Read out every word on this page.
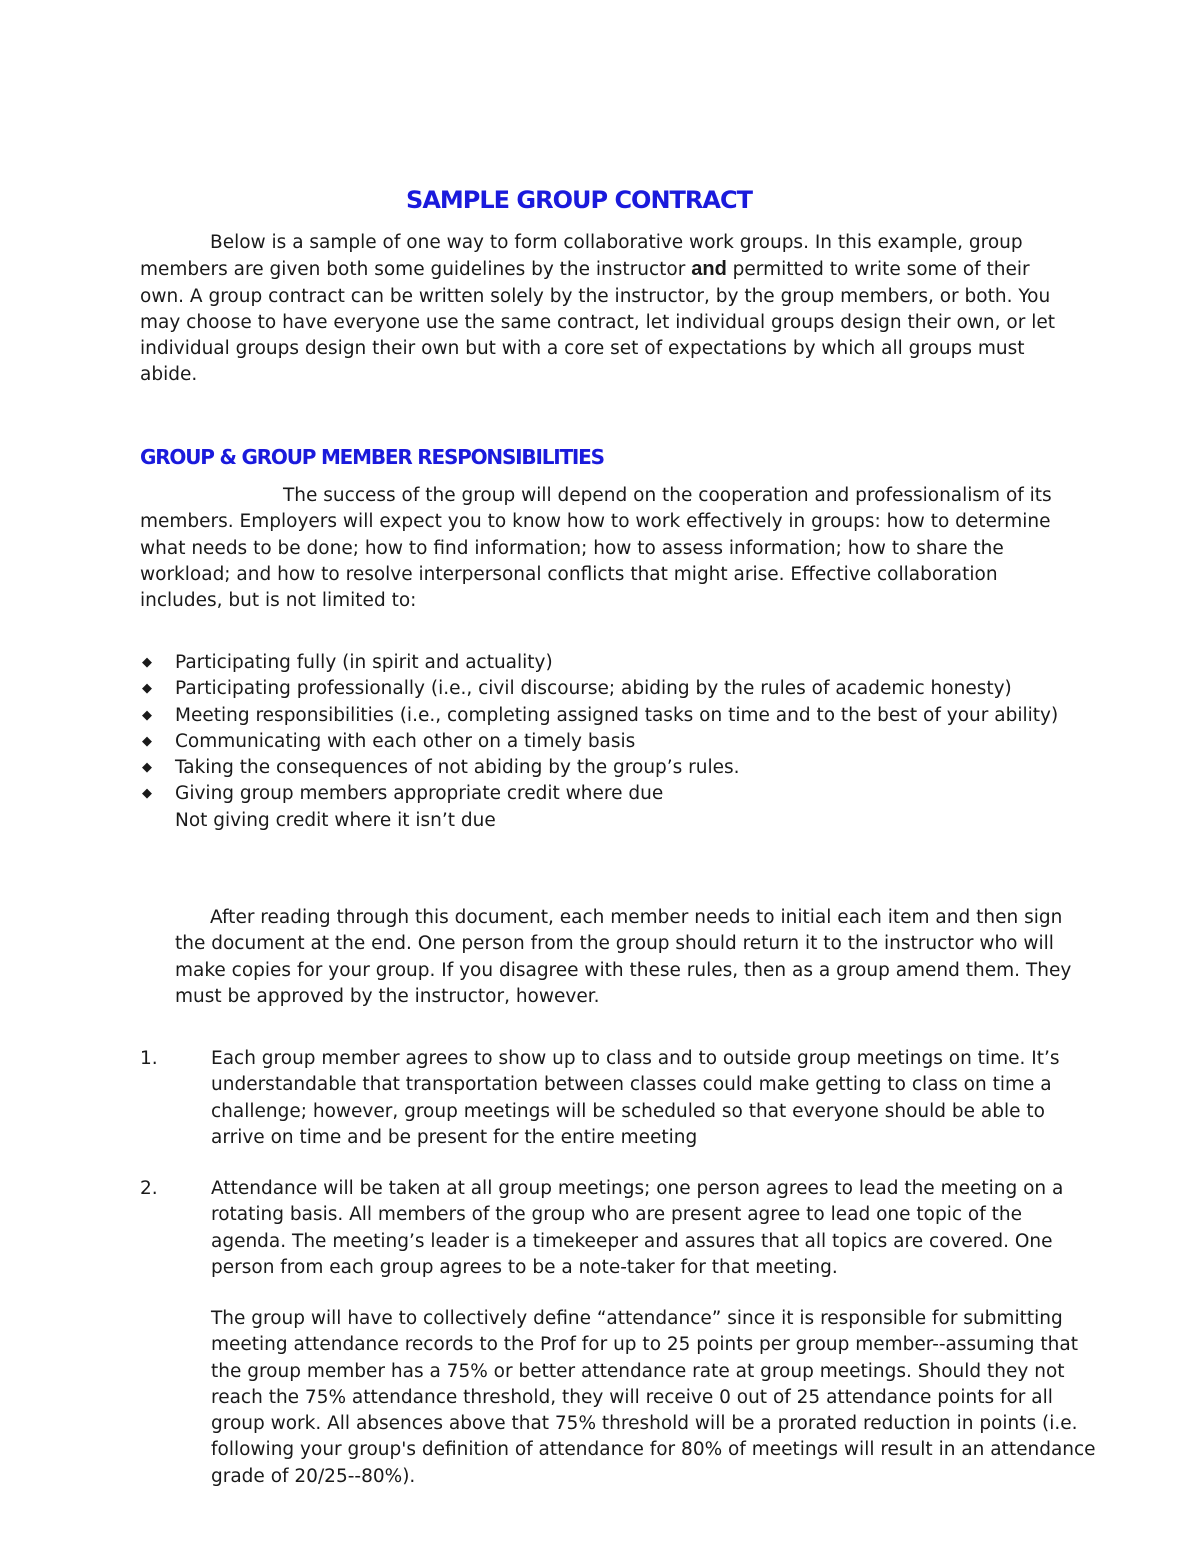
SAMPLE GROUP CONTRACT

Below is a sample of one way to form collaborative work groups. In this example, group members are given both some guidelines by the instructor and permitted to write some of their own. A group contract can be written solely by the instructor, by the group members, or both. You may choose to have everyone use the same contract, let individual groups design their own, or let individual groups design their own but with a core set of expectations by which all groups must abide.

GROUP & GROUP MEMBER RESPONSIBILITIES

The success of the group will depend on the cooperation and professionalism of its members. Employers will expect you to know how to work effectively in groups: how to determine what needs to be done; how to find information; how to assess information; how to share the workload; and how to resolve interpersonal conflicts that might arise. Effective collaboration includes, but is not limited to:

◆ Participating fully (in spirit and actuality)
◆ Participating professionally (i.e., civil discourse; abiding by the rules of academic honesty)
◆ Meeting responsibilities (i.e., completing assigned tasks on time and to the best of your ability)
◆ Communicating with each other on a timely basis
◆ Taking the consequences of not abiding by the group’s rules.
◆ Giving group members appropriate credit where due
Not giving credit where it isn’t due

After reading through this document, each member needs to initial each item and then sign the document at the end. One person from the group should return it to the instructor who will make copies for your group. If you disagree with these rules, then as a group amend them. They must be approved by the instructor, however.

1.	Each group member agrees to show up to class and to outside group meetings on time. It’s understandable that transportation between classes could make getting to class on time a challenge; however, group meetings will be scheduled so that everyone should be able to arrive on time and be present for the entire meeting

2.	Attendance will be taken at all group meetings; one person agrees to lead the meeting on a rotating basis. All members of the group who are present agree to lead one topic of the agenda. The meeting’s leader is a timekeeper and assures that all topics are covered. One person from each group agrees to be a note-taker for that meeting.

The group will have to collectively define “attendance” since it is responsible for submitting meeting attendance records to the Prof for up to 25 points per group member--assuming that the group member has a 75% or better attendance rate at group meetings. Should they not reach the 75% attendance threshold, they will receive 0 out of 25 attendance points for all group work. All absences above that 75% threshold will be a prorated reduction in points (i.e. following your group's definition of attendance for 80% of meetings will result in an attendance grade of 20/25--80%).
